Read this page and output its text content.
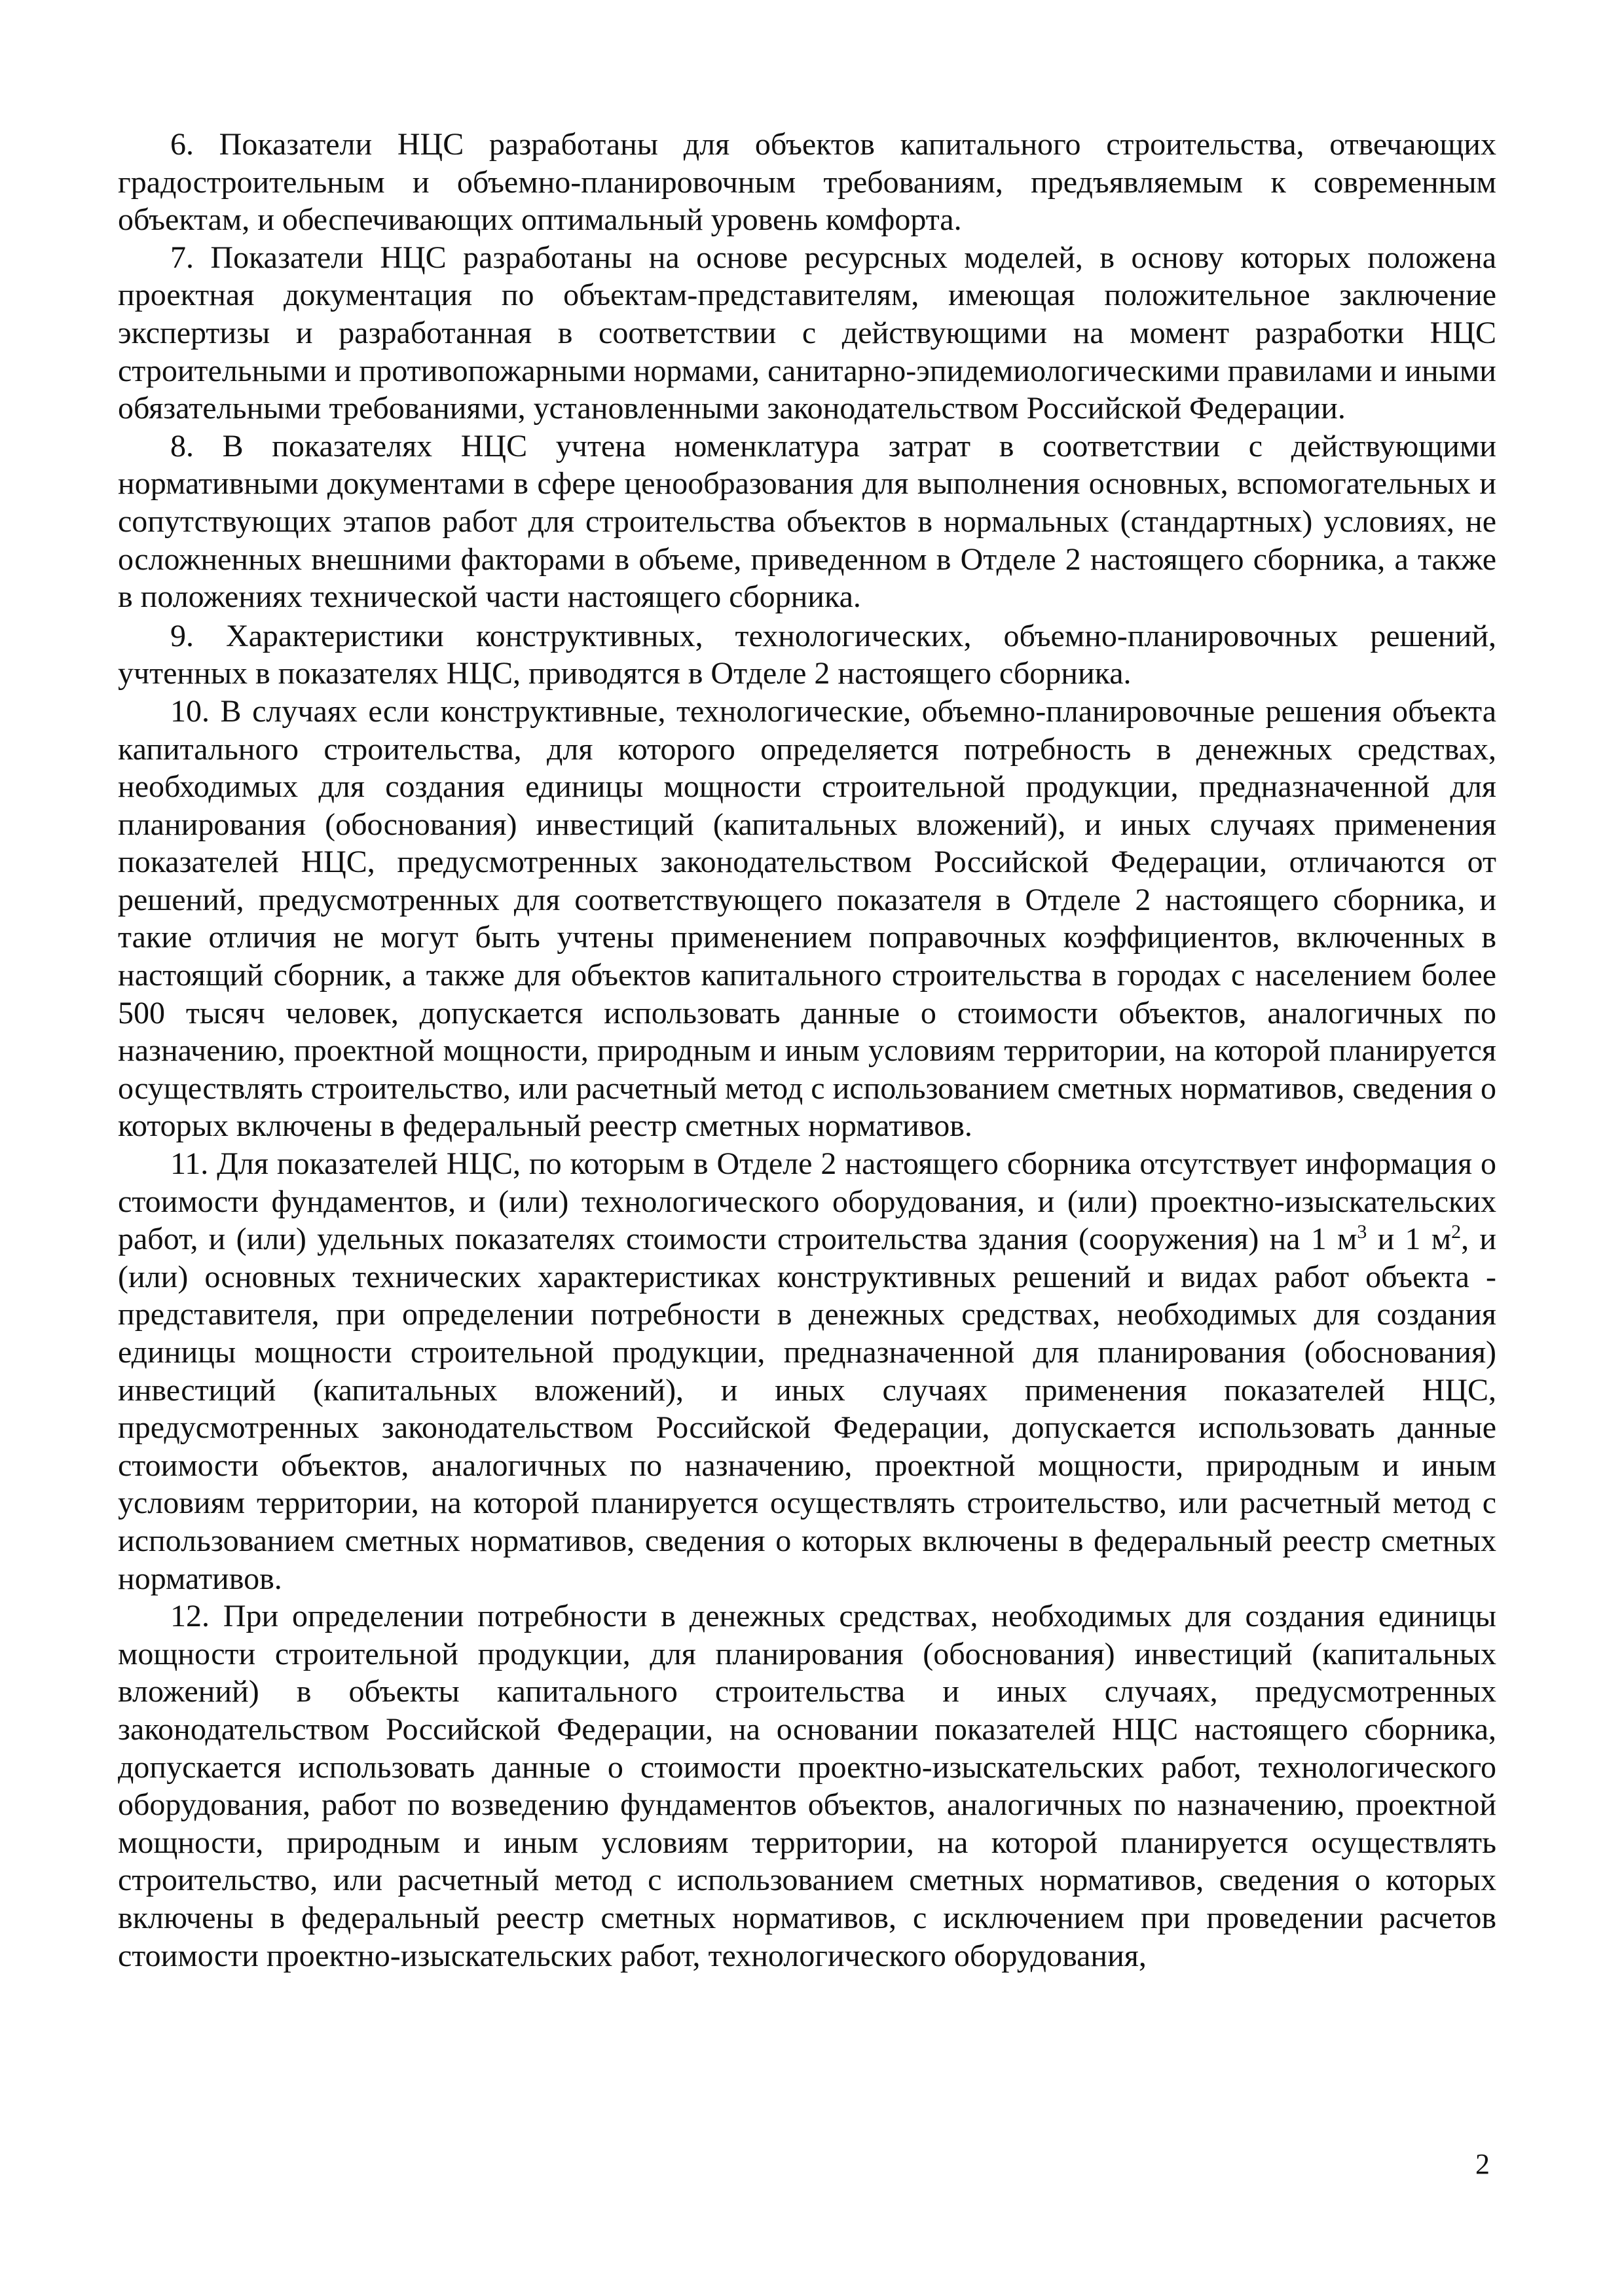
6. Показатели НЦС разработаны для объектов капитального строительства, отвечающих градостроительным и объемно-планировочным требованиям, предъявляемым к современным объектам, и обеспечивающих оптимальный уровень комфорта.

7. Показатели НЦС разработаны на основе ресурсных моделей, в основу которых положена проектная документация по объектам-представителям, имеющая положительное заключение экспертизы и разработанная в соответствии с действующими на момент разработки НЦС строительными и противопожарными нормами, санитарно-эпидемиологическими правилами и иными обязательными требованиями, установленными законодательством Российской Федерации.

8. В показателях НЦС учтена номенклатура затрат в соответствии с действующими нормативными документами в сфере ценообразования для выполнения основных, вспомогательных и сопутствующих этапов работ для строительства объектов в нормальных (стандартных) условиях, не осложненных внешними факторами в объеме, приведенном в Отделе 2 настоящего сборника, а также в положениях технической части настоящего сборника.

9. Характеристики конструктивных, технологических, объемно-планировочных решений, учтенных в показателях НЦС, приводятся в Отделе 2 настоящего сборника.

10. В случаях если конструктивные, технологические, объемно-планировочные решения объекта капитального строительства, для которого определяется потребность в денежных средствах, необходимых для создания единицы мощности строительной продукции, предназначенной для планирования (обоснования) инвестиций (капитальных вложений), и иных случаях применения показателей НЦС, предусмотренных законодательством Российской Федерации, отличаются от решений, предусмотренных для соответствующего показателя в Отделе 2 настоящего сборника, и такие отличия не могут быть учтены применением поправочных коэффициентов, включенных в настоящий сборник, а также для объектов капитального строительства в городах с населением более 500 тысяч человек, допускается использовать данные о стоимости объектов, аналогичных по назначению, проектной мощности, природным и иным условиям территории, на которой планируется осуществлять строительство, или расчетный метод с использованием сметных нормативов, сведения о которых включены в федеральный реестр сметных нормативов.

11. Для показателей НЦС, по которым в Отделе 2 настоящего сборника отсутствует информация о стоимости фундаментов, и (или) технологического оборудования, и (или) проектно-изыскательских работ, и (или) удельных показателях стоимости строительства здания (сооружения) на 1 $м^3$ и 1 $м^2$, и (или) основных технических характеристиках конструктивных решений и видах работ объекта - представителя, при определении потребности в денежных средствах, необходимых для создания единицы мощности строительной продукции, предназначенной для планирования (обоснования) инвестиций (капитальных вложений), и иных случаях применения показателей НЦС, предусмотренных законодательством Российской Федерации, допускается использовать данные стоимости объектов, аналогичных по назначению, проектной мощности, природным и иным условиям территории, на которой планируется осуществлять строительство, или расчетный метод с использованием сметных нормативов, сведения о которых включены в федеральный реестр сметных нормативов.

12. При определении потребности в денежных средствах, необходимых для создания единицы мощности строительной продукции, для планирования (обоснования) инвестиций (капитальных вложений) в объекты капитального строительства и иных случаях, предусмотренных законодательством Российской Федерации, на основании показателей НЦС настоящего сборника, допускается использовать данные о стоимости проектно-изыскательских работ, технологического оборудования, работ по возведению фундаментов объектов, аналогичных по назначению, проектной мощности, природным и иным условиям территории, на которой планируется осуществлять строительство, или расчетный метод с использованием сметных нормативов, сведения о которых включены в федеральный реестр сметных нормативов, с исключением при проведении расчетов стоимости проектно-изыскательских работ, технологического оборудования,

2
